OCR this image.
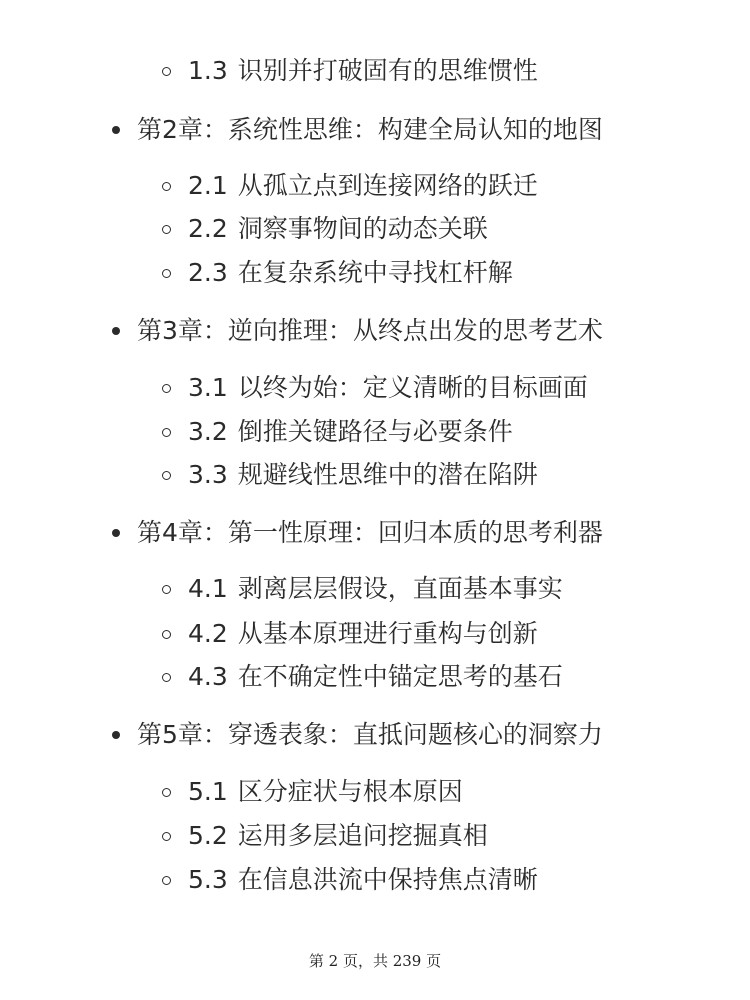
1.3 识别并打破固有的思维惯性
第2章：系统性思维：构建全局认知的地图
2.1 从孤立点到连接网络的跃迁
2.2 洞察事物间的动态关联
2.3 在复杂系统中寻找杠杆解
第3章：逆向推理：从终点出发的思考艺术
3.1 以终为始：定义清晰的目标画面
3.2 倒推关键路径与必要条件
3.3 规避线性思维中的潜在陷阱
第4章：第一性原理：回归本质的思考利器
4.1 剥离层层假设，直面基本事实
4.2 从基本原理进行重构与创新
4.3 在不确定性中锚定思考的基石
第5章：穿透表象：直抵问题核心的洞察力
5.1 区分症状与根本原因
5.2 运用多层追问挖掘真相
5.3 在信息洪流中保持焦点清晰
第 2 页，共 239 页
